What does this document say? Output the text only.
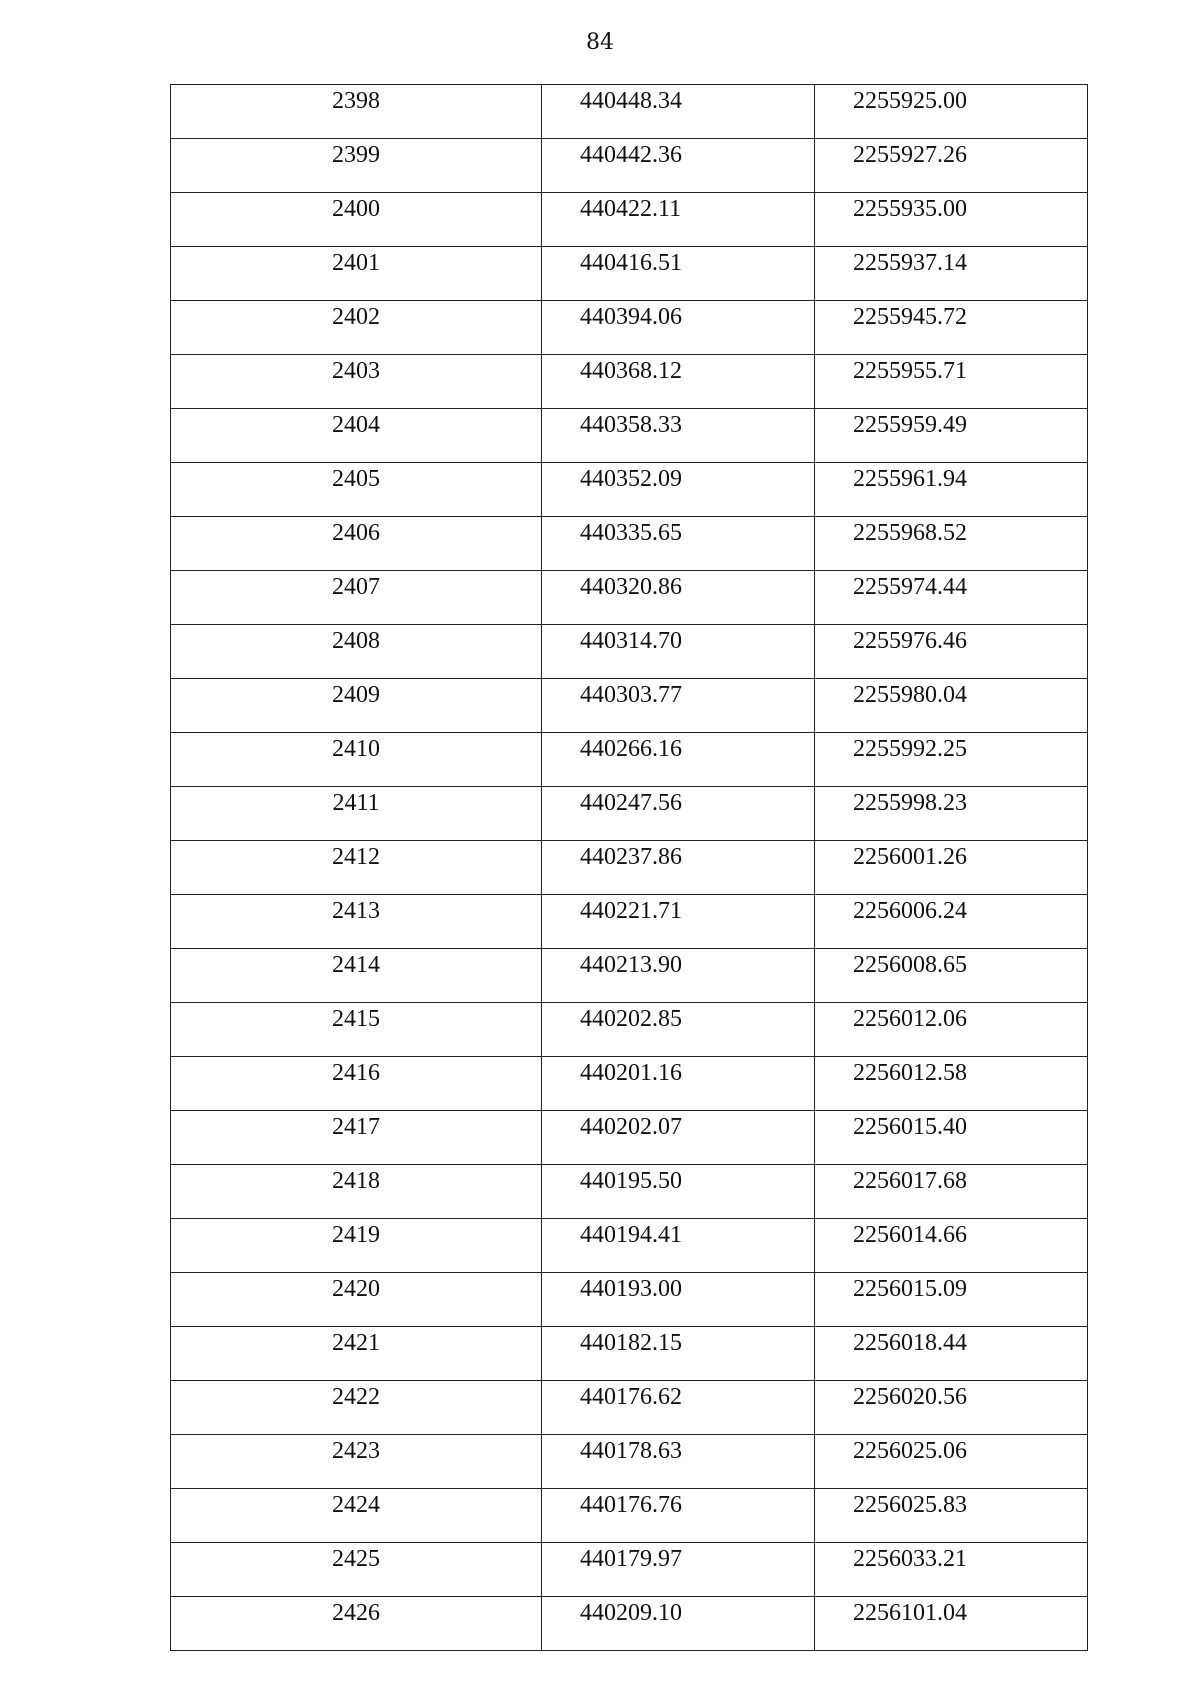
84
2398	440448.34	2255925.00

2399	440442.36	2255927.26

2400	440422.11	2255935.00

2401	440416.51	2255937.14

2402	440394.06	2255945.72

2403	440368.12	2255955.71

2404	440358.33	2255959.49

2405	440352.09	2255961.94

2406	440335.65	2255968.52

2407	440320.86	2255974.44

2408	440314.70	2255976.46

2409	440303.77	2255980.04

2410	440266.16	2255992.25

2411	440247.56	2255998.23

2412	440237.86	2256001.26

2413	440221.71	2256006.24

2414	440213.90	2256008.65

2415	440202.85	2256012.06

2416	440201.16	2256012.58

2417	440202.07	2256015.40

2418	440195.50	2256017.68

2419	440194.41	2256014.66

2420	440193.00	2256015.09

2421	440182.15	2256018.44

2422	440176.62	2256020.56

2423	440178.63	2256025.06

2424	440176.76	2256025.83

2425	440179.97	2256033.21

2426	440209.10	2256101.04
